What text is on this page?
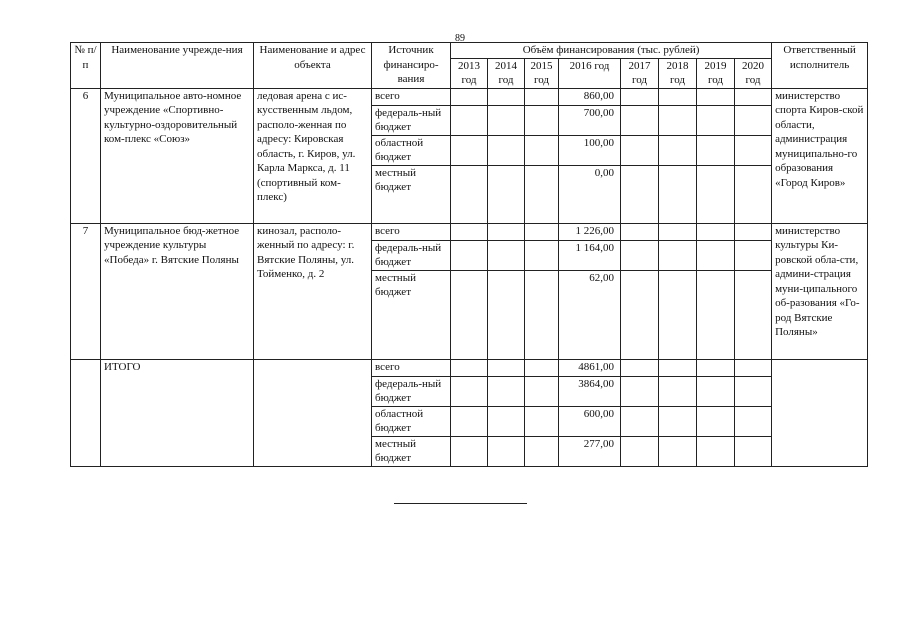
89
№ п/п	Наименование учрежде-ния	Наименование и адрес объекта	Источник финансиро-вания	Объём финансирования (тыс. рублей)								Ответственный исполнитель
				2013 год	2014 год	2015 год	2016 год	2017 год	2018 год	2019 год	2020 год	
6	Муниципальное авто-номное учреждение «Спортивно-культурно-оздоровительный ком-плекс «Союз»	ледовая арена с ис-кусственным льдом, располо-женная по адресу: Кировская область, г. Киров, ул. Карла Маркса, д. 11 (спортивный ком-плекс)	всего				860,00					министерство спорта Киров-ской области, администрация муниципально-го образования «Город Киров»
			федераль-ный бюджет				700,00					
			областной бюджет				100,00					
			местный бюджет				0,00					
7	Муниципальное бюд-жетное учреждение культуры «Победа» г. Вятские Поляны	кинозал, располо-женный по адресу: г. Вятские Поляны, ул. Тойменко, д. 2	всего				1 226,00					министерство культуры Ки-ровской обла-сти, админи-страция муни-ципального об-разования «Го-род Вятские Поляны»
			федераль-ный бюджет				1 164,00					
			местный бюджет				62,00					
	ИТОГО		всего				4861,00					
			федераль-ный бюджет				3864,00					
			областной бюджет				600,00					
			местный бюджет				277,00					
